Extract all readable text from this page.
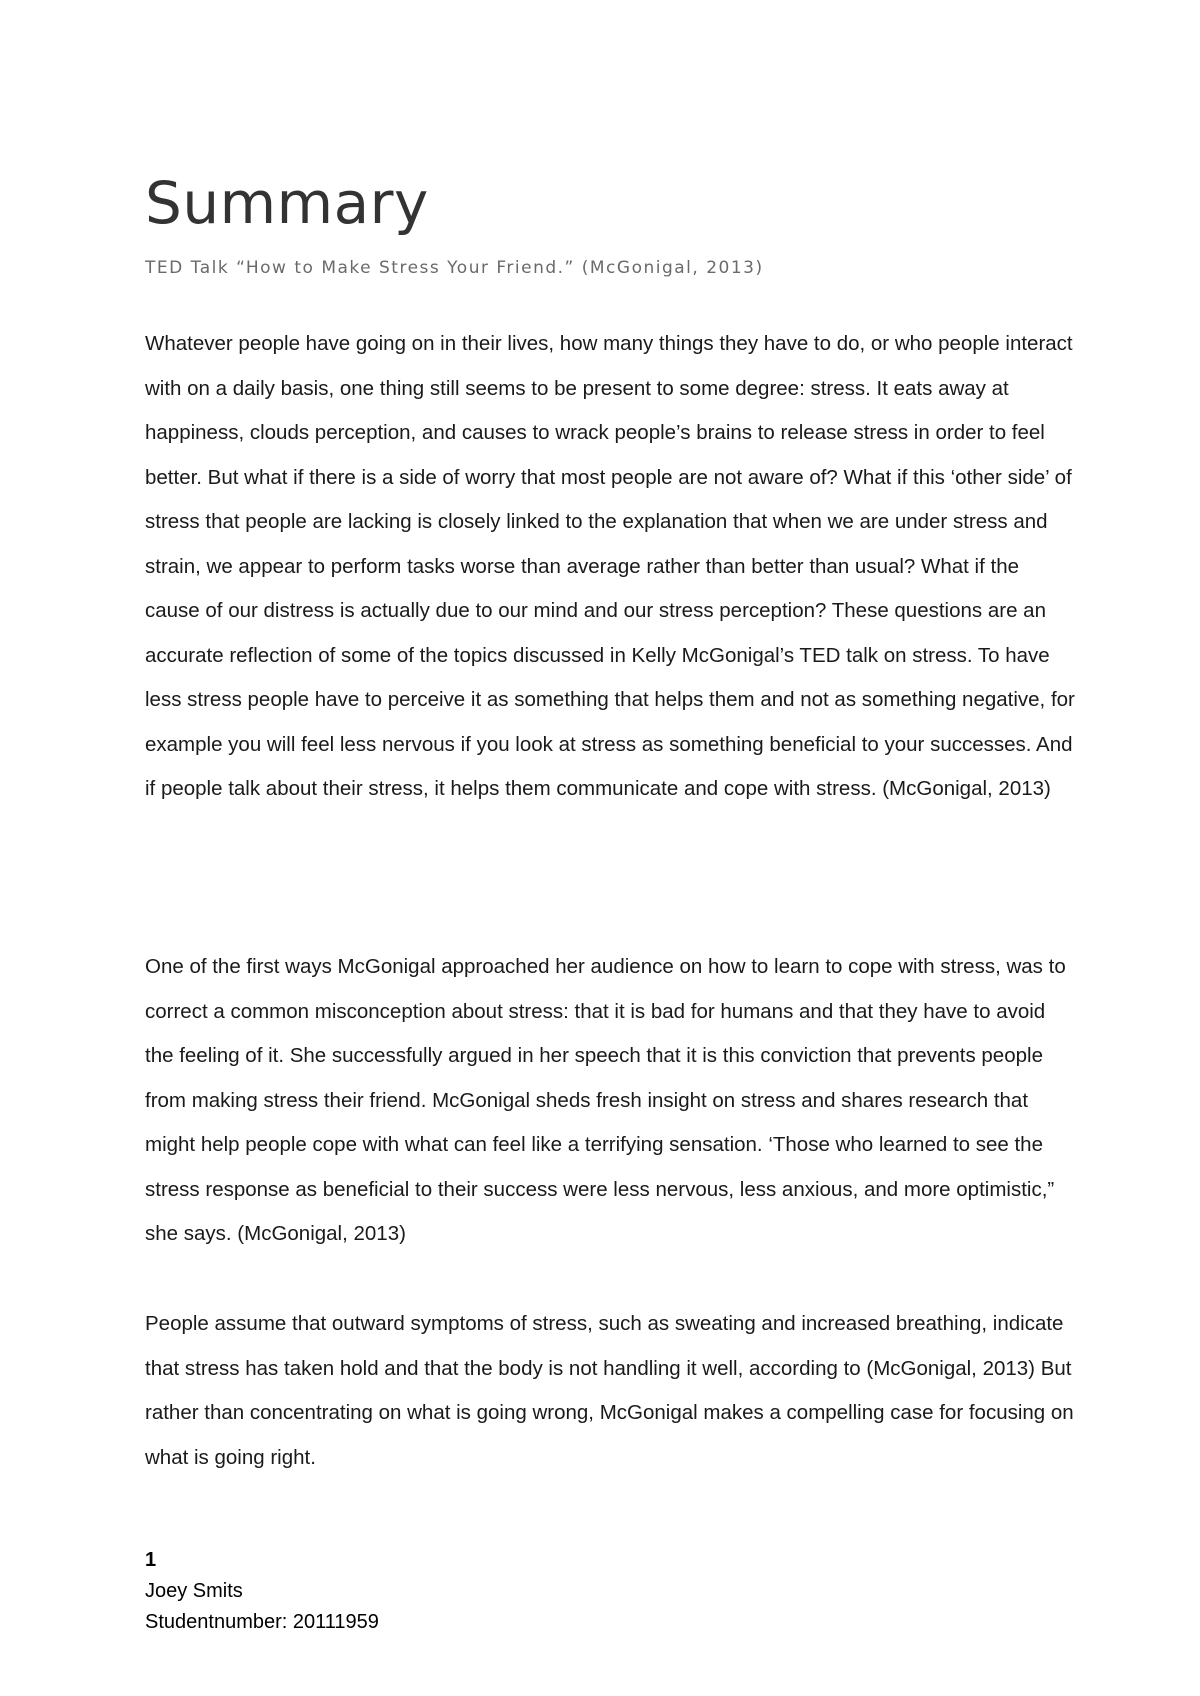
Summary
TED Talk “How to Make Stress Your Friend.” (McGonigal, 2013)

Whatever people have going on in their lives, how many things they have to do, or who people interact with on a daily basis, one thing still seems to be present to some degree: stress. It eats away at happiness, clouds perception, and causes to wrack people’s brains to release stress in order to feel better. But what if there is a side of worry that most people are not aware of? What if this ‘other side’ of stress that people are lacking is closely linked to the explanation that when we are under stress and strain, we appear to perform tasks worse than average rather than better than usual? What if the cause of our distress is actually due to our mind and our stress perception? These questions are an accurate reflection of some of the topics discussed in Kelly McGonigal’s TED talk on stress. To have less stress people have to perceive it as something that helps them and not as something negative, for example you will feel less nervous if you look at stress as something beneficial to your successes. And if people talk about their stress, it helps them communicate and cope with stress. (McGonigal, 2013)

One of the first ways McGonigal approached her audience on how to learn to cope with stress, was to correct a common misconception about stress: that it is bad for humans and that they have to avoid the feeling of it. She successfully argued in her speech that it is this conviction that prevents people from making stress their friend. McGonigal sheds fresh insight on stress and shares research that might help people cope with what can feel like a terrifying sensation. ‘Those who learned to see the stress response as beneficial to their success were less nervous, less anxious, and more optimistic,” she says. (McGonigal, 2013)

People assume that outward symptoms of stress, such as sweating and increased breathing, indicate that stress has taken hold and that the body is not handling it well, according to (McGonigal, 2013) But rather than concentrating on what is going wrong, McGonigal makes a compelling case for focusing on what is going right.

1
Joey Smits
Studentnumber: 20111959
